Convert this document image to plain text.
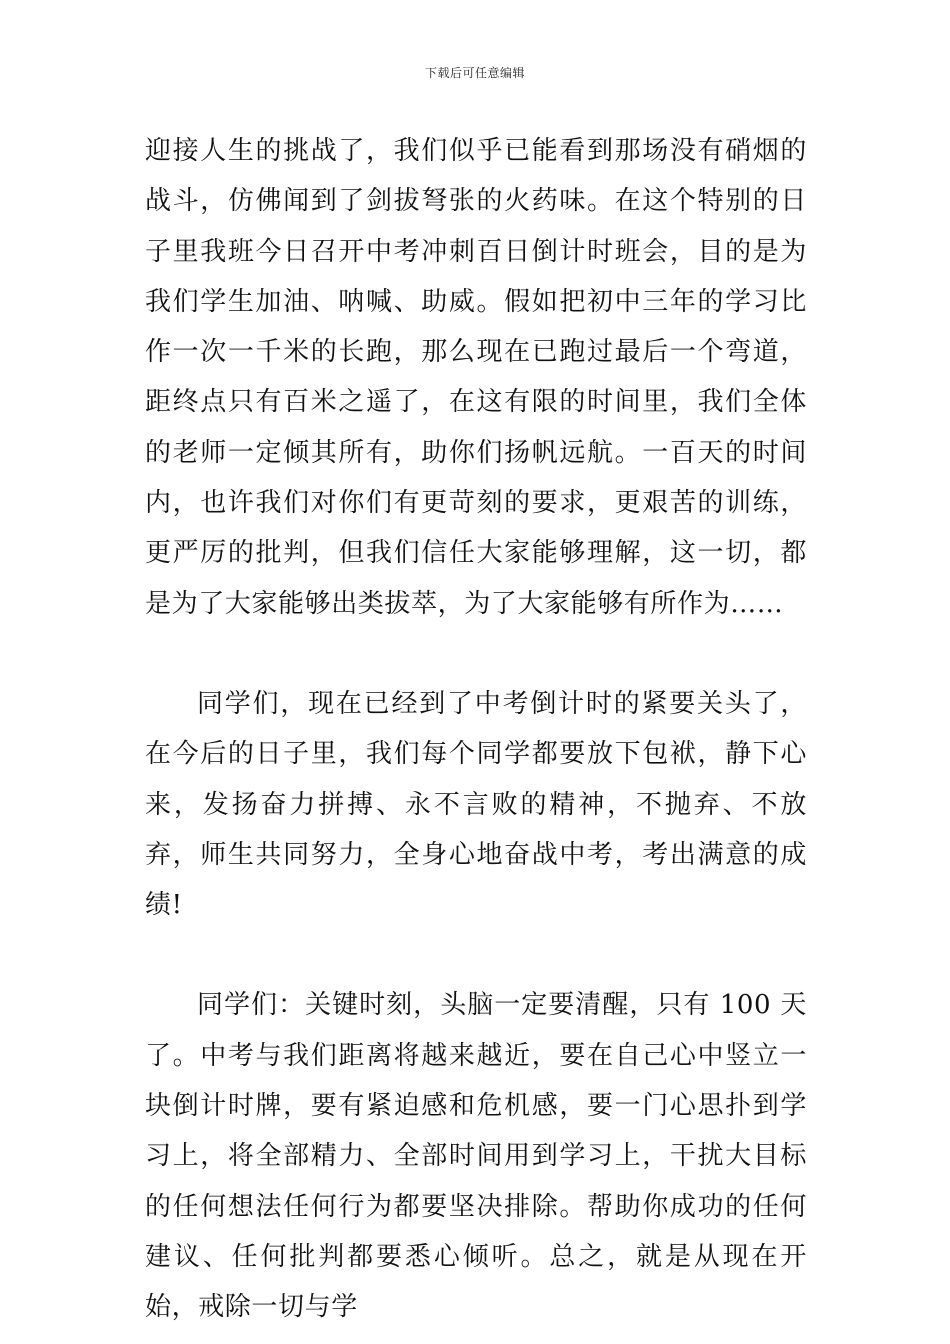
下载后可任意编辑

迎接人生的挑战了，我们似乎已能看到那场没有硝烟的战斗，仿佛闻到了剑拔弩张的火药味。在这个特别的日子里我班今日召开中考冲刺百日倒计时班会，目的是为我们学生加油、呐喊、助威。假如把初中三年的学习比作一次一千米的长跑，那么现在已跑过最后一个弯道，距终点只有百米之遥了，在这有限的时间里，我们全体的老师一定倾其所有，助你们扬帆远航。一百天的时间内，也许我们对你们有更苛刻的要求，更艰苦的训练，更严厉的批判，但我们信任大家能够理解，这一切，都是为了大家能够出类拔萃，为了大家能够有所作为……

同学们，现在已经到了中考倒计时的紧要关头了，在今后的日子里，我们每个同学都要放下包袱，静下心来，发扬奋力拼搏、永不言败的精神，不抛弃、不放弃，师生共同努力，全身心地奋战中考，考出满意的成绩!

同学们：关键时刻，头脑一定要清醒，只有 100 天了。中考与我们距离将越来越近，要在自己心中竖立一块倒计时牌，要有紧迫感和危机感，要一门心思扑到学习上，将全部精力、全部时间用到学习上，干扰大目标的任何想法任何行为都要坚决排除。帮助你成功的任何建议、任何批判都要悉心倾听。总之，就是从现在开始，戒除一切与学
